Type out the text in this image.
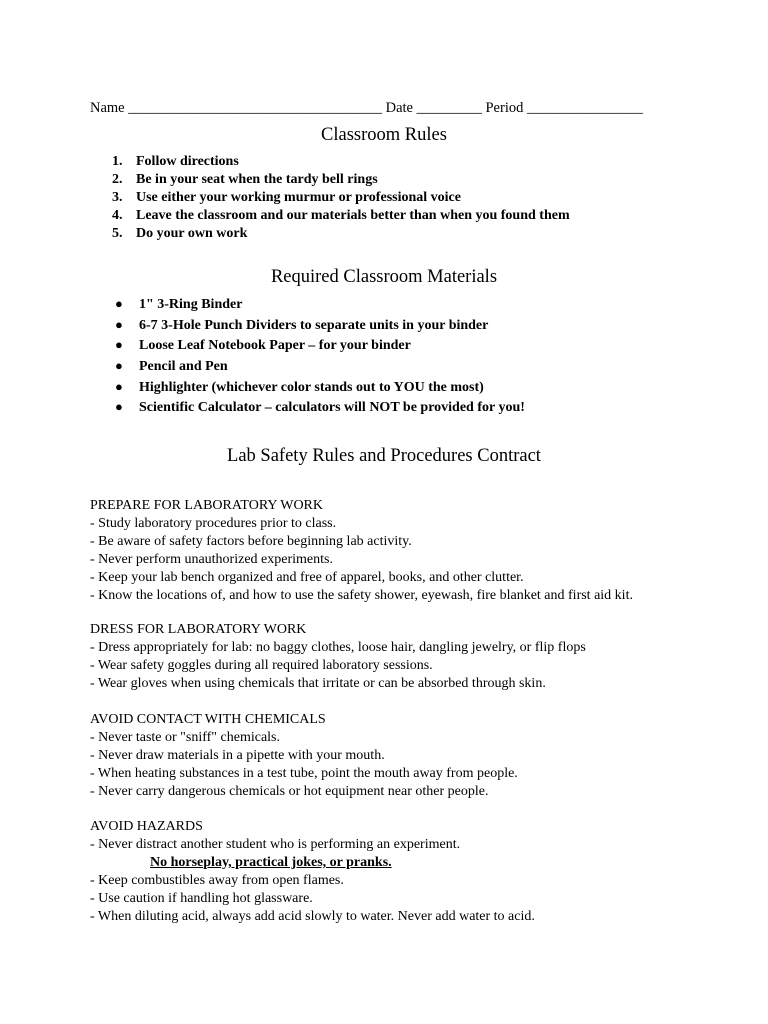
Name ___________________________________ Date _________ Period ________________
Classroom Rules
1. Follow directions
2. Be in your seat when the tardy bell rings
3. Use either your working murmur or professional voice
4. Leave the classroom and our materials better than when you found them
5. Do your own work
Required Classroom Materials
● 1" 3-Ring Binder
● 6-7 3-Hole Punch Dividers to separate units in your binder
● Loose Leaf Notebook Paper – for your binder
● Pencil and Pen
● Highlighter (whichever color stands out to YOU the most)
● Scientific Calculator – calculators will NOT be provided for you!
Lab Safety Rules and Procedures Contract
PREPARE FOR LABORATORY WORK
- Study laboratory procedures prior to class.
- Be aware of safety factors before beginning lab activity.
- Never perform unauthorized experiments.
- Keep your lab bench organized and free of apparel, books, and other clutter.
- Know the locations of, and how to use the safety shower, eyewash, fire blanket and first aid kit.
DRESS FOR LABORATORY WORK
- Dress appropriately for lab: no baggy clothes, loose hair, dangling jewelry, or flip flops
- Wear safety goggles during all required laboratory sessions.
- Wear gloves when using chemicals that irritate or can be absorbed through skin.
AVOID CONTACT WITH CHEMICALS
- Never taste or "sniff" chemicals.
- Never draw materials in a pipette with your mouth.
- When heating substances in a test tube, point the mouth away from people.
- Never carry dangerous chemicals or hot equipment near other people.
AVOID HAZARDS
- Never distract another student who is performing an experiment.
No horseplay, practical jokes, or pranks.
- Keep combustibles away from open flames.
- Use caution if handling hot glassware.
- When diluting acid, always add acid slowly to water. Never add water to acid.
